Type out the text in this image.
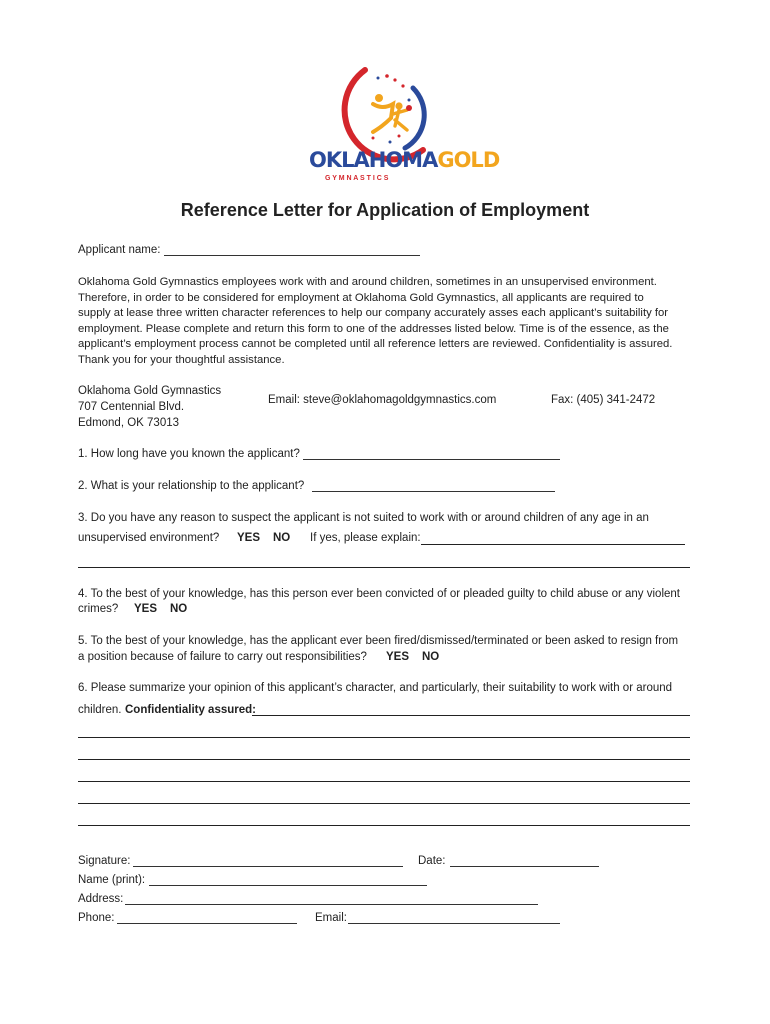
OKLAHOMAGOLD
G Y M N A S T I C S
Reference Letter for Application of Employment
Applicant name:
Oklahoma Gold Gymnastics employees work with and around children, sometimes in an unsupervised environment.
Therefore, in order to be considered for employment at Oklahoma Gold Gymnastics, all applicants are required to
supply at lease three written character references to help our company accurately asses each applicant’s suitability for
employment. Please complete and return this form to one of the addresses listed below. Time is of the essence, as the
applicant’s employment process cannot be completed until all reference letters are reviewed. Confidentiality is assured.
Thank you for your thoughtful assistance.
Oklahoma Gold Gymnastics
707 Centennial Blvd.
Edmond, OK 73013
Email: steve@oklahomagoldgymnastics.com	Fax: (405) 341-2472
1. How long have you known the applicant?
2. What is your relationship to the applicant?
3. Do you have any reason to suspect the applicant is not suited to work with or around children of any age in an
unsupervised environment? YES NO If yes, please explain:
4. To the best of your knowledge, has this person ever been convicted of or pleaded guilty to child abuse or any violent
crimes? YES NO
5. To the best of your knowledge, has the applicant ever been fired/dismissed/terminated or been asked to resign from
a position because of failure to carry out responsibilities? YES NO
6. Please summarize your opinion of this applicant’s character, and particularly, their suitability to work with or around
children. Confidentiality assured:
Signature:	Date:
Name (print):
Address:
Phone:	Email:
